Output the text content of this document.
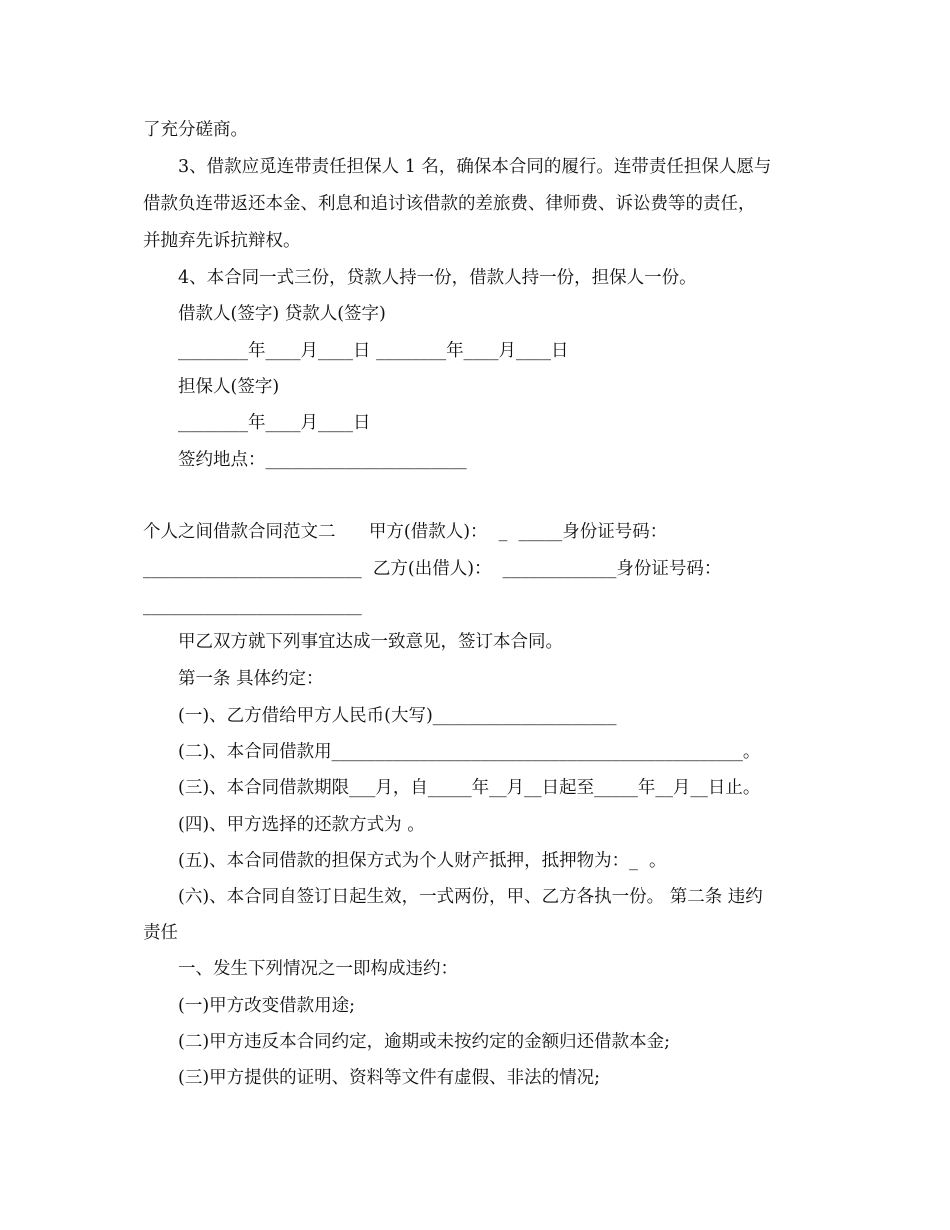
了充分磋商。

3、借款应觅连带责任担保人 1 名，确保本合同的履行。连带责任担保人愿与

借款负连带返还本金、利息和追讨该借款的差旅费、律师费、诉讼费等的责任，

并抛弃先诉抗辩权。

4、本合同一式三份，贷款人持一份，借款人持一份，担保人一份。

借款人(签字) 贷款人(签字)

________年____月____日 ________年____月____日

担保人(签字)

________年____月____日

签约地点：_______________________

个人之间借款合同范文二      甲方(借款人)：  _  _____身份证号码：

_________________________  乙方(出借人)：  _____________身份证号码：

_________________________

甲乙双方就下列事宜达成一致意见，签订本合同。

第一条 具体约定：

(一)、乙方借给甲方人民币(大写)_____________________

(二)、本合同借款用_______________________________________________。

(三)、本合同借款期限___月，自_____年__月__日起至_____年__月__日止。

(四)、甲方选择的还款方式为 。

(五)、本合同借款的担保方式为个人财产抵押，抵押物为：_  。

(六)、本合同自签订日起生效，一式两份，甲、乙方各执一份。 第二条 违约

责任

一、发生下列情况之一即构成违约：

(一)甲方改变借款用途;

(二)甲方违反本合同约定，逾期或未按约定的金额归还借款本金;

(三)甲方提供的证明、资料等文件有虚假、非法的情况;
